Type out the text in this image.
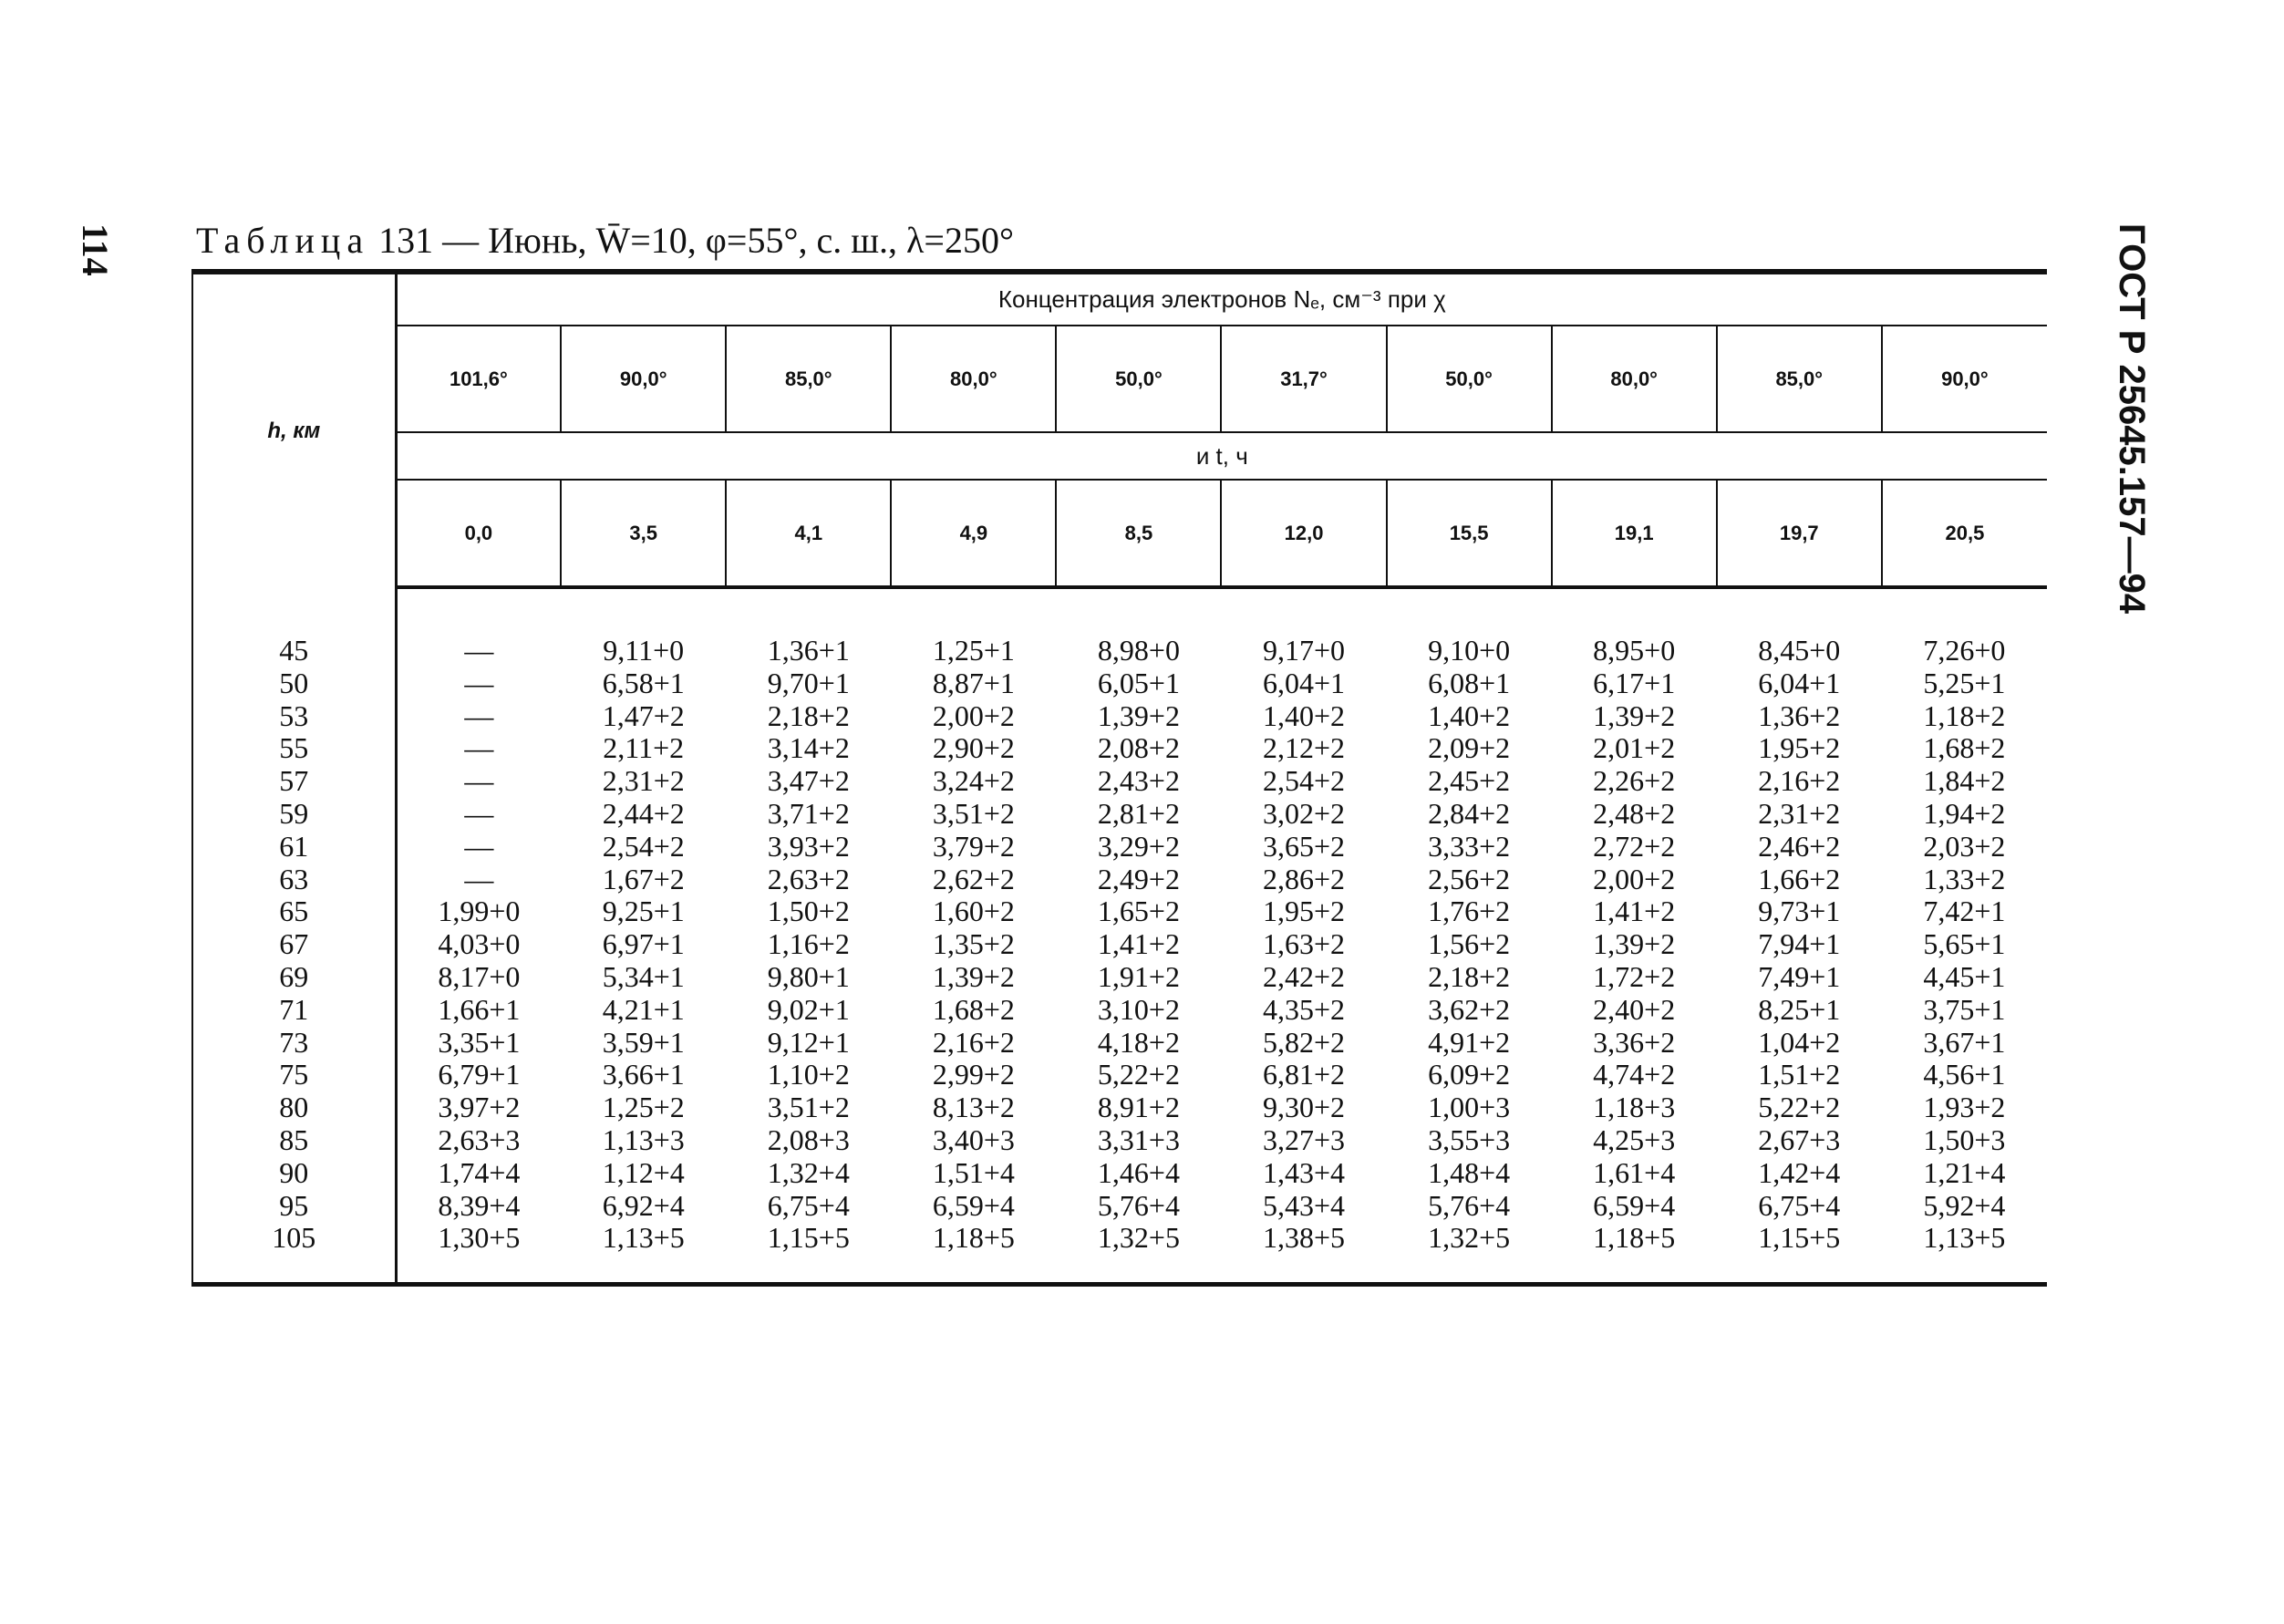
114	ГОСТ Р 25645.157—94
Таблица 131 — Июнь, W̄=10, φ=55°, с. ш., λ=250°
h, км	Концентрация электронов Nₑ, см⁻³ при χ									
	101,6°	90,0°	85,0°	80,0°	50,0°	31,7°	50,0°	80,0°	85,0°	90,0°
	и t, ч									
	0,0	3,5	4,1	4,9	8,5	12,0	15,5	19,1	19,7	20,5

45	—	9,11+0	1,36+1	1,25+1	8,98+0	9,17+0	9,10+0	8,95+0	8,45+0	7,26+0
50	—	6,58+1	9,70+1	8,87+1	6,05+1	6,04+1	6,08+1	6,17+1	6,04+1	5,25+1
53	—	1,47+2	2,18+2	2,00+2	1,39+2	1,40+2	1,40+2	1,39+2	1,36+2	1,18+2
55	—	2,11+2	3,14+2	2,90+2	2,08+2	2,12+2	2,09+2	2,01+2	1,95+2	1,68+2
57	—	2,31+2	3,47+2	3,24+2	2,43+2	2,54+2	2,45+2	2,26+2	2,16+2	1,84+2
59	—	2,44+2	3,71+2	3,51+2	2,81+2	3,02+2	2,84+2	2,48+2	2,31+2	1,94+2
61	—	2,54+2	3,93+2	3,79+2	3,29+2	3,65+2	3,33+2	2,72+2	2,46+2	2,03+2
63	—	1,67+2	2,63+2	2,62+2	2,49+2	2,86+2	2,56+2	2,00+2	1,66+2	1,33+2
65	1,99+0	9,25+1	1,50+2	1,60+2	1,65+2	1,95+2	1,76+2	1,41+2	9,73+1	7,42+1
67	4,03+0	6,97+1	1,16+2	1,35+2	1,41+2	1,63+2	1,56+2	1,39+2	7,94+1	5,65+1
69	8,17+0	5,34+1	9,80+1	1,39+2	1,91+2	2,42+2	2,18+2	1,72+2	7,49+1	4,45+1
71	1,66+1	4,21+1	9,02+1	1,68+2	3,10+2	4,35+2	3,62+2	2,40+2	8,25+1	3,75+1
73	3,35+1	3,59+1	9,12+1	2,16+2	4,18+2	5,82+2	4,91+2	3,36+2	1,04+2	3,67+1
75	6,79+1	3,66+1	1,10+2	2,99+2	5,22+2	6,81+2	6,09+2	4,74+2	1,51+2	4,56+1
80	3,97+2	1,25+2	3,51+2	8,13+2	8,91+2	9,30+2	1,00+3	1,18+3	5,22+2	1,93+2
85	2,63+3	1,13+3	2,08+3	3,40+3	3,31+3	3,27+3	3,55+3	4,25+3	2,67+3	1,50+3
90	1,74+4	1,12+4	1,32+4	1,51+4	1,46+4	1,43+4	1,48+4	1,61+4	1,42+4	1,21+4
95	8,39+4	6,92+4	6,75+4	6,59+4	5,76+4	5,43+4	5,76+4	6,59+4	6,75+4	5,92+4
105	1,30+5	1,13+5	1,15+5	1,18+5	1,32+5	1,38+5	1,32+5	1,18+5	1,15+5	1,13+5
